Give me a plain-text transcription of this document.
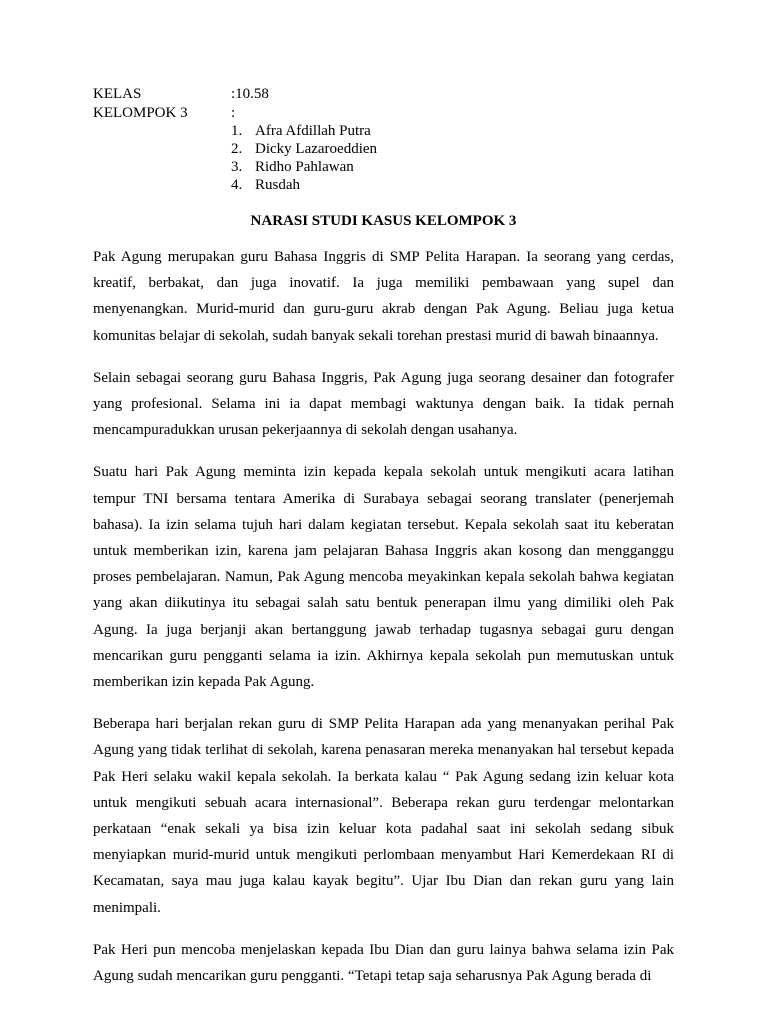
KELAS	:10.58
KELOMPOK 3	:
1. Afra Afdillah Putra
2. Dicky Lazaroeddien
3. Ridho Pahlawan
4. Rusdah
NARASI STUDI KASUS KELOMPOK 3

Pak Agung merupakan guru Bahasa Inggris di SMP Pelita Harapan. Ia seorang yang cerdas, kreatif, berbakat, dan juga inovatif. Ia juga memiliki pembawaan yang supel dan menyenangkan. Murid-murid dan guru-guru akrab dengan Pak Agung. Beliau juga ketua komunitas belajar di sekolah, sudah banyak sekali torehan prestasi murid di bawah binaannya.

Selain sebagai seorang guru Bahasa Inggris, Pak Agung juga seorang desainer dan fotografer yang profesional. Selama ini ia dapat membagi waktunya dengan baik. Ia tidak pernah mencampuradukkan urusan pekerjaannya di sekolah dengan usahanya.

Suatu hari Pak Agung meminta izin kepada kepala sekolah untuk mengikuti acara latihan tempur TNI bersama tentara Amerika di Surabaya sebagai seorang translater (penerjemah bahasa). Ia izin selama tujuh hari dalam kegiatan tersebut. Kepala sekolah saat itu keberatan untuk memberikan izin, karena jam pelajaran Bahasa Inggris akan kosong dan mengganggu proses pembelajaran. Namun, Pak Agung mencoba meyakinkan kepala sekolah bahwa kegiatan yang akan diikutinya itu sebagai salah satu bentuk penerapan ilmu yang dimiliki oleh Pak Agung. Ia juga berjanji akan bertanggung jawab terhadap tugasnya sebagai guru dengan mencarikan guru pengganti selama ia izin. Akhirnya kepala sekolah pun memutuskan untuk memberikan izin kepada Pak Agung.

Beberapa hari berjalan rekan guru di SMP Pelita Harapan ada yang menanyakan perihal Pak Agung yang tidak terlihat di sekolah, karena penasaran mereka menanyakan hal tersebut kepada Pak Heri selaku wakil kepala sekolah. Ia berkata kalau “ Pak Agung sedang izin keluar kota untuk mengikuti sebuah acara internasional”. Beberapa rekan guru terdengar melontarkan perkataan “enak sekali ya bisa izin keluar kota padahal saat ini sekolah sedang sibuk menyiapkan murid-murid untuk mengikuti perlombaan menyambut Hari Kemerdekaan RI di Kecamatan, saya mau juga kalau kayak begitu”. Ujar Ibu Dian dan rekan guru yang lain menimpali.

Pak Heri pun mencoba menjelaskan kepada Ibu Dian dan guru lainya bahwa selama izin Pak Agung sudah mencarikan guru pengganti. “Tetapi tetap saja seharusnya Pak Agung berada di
